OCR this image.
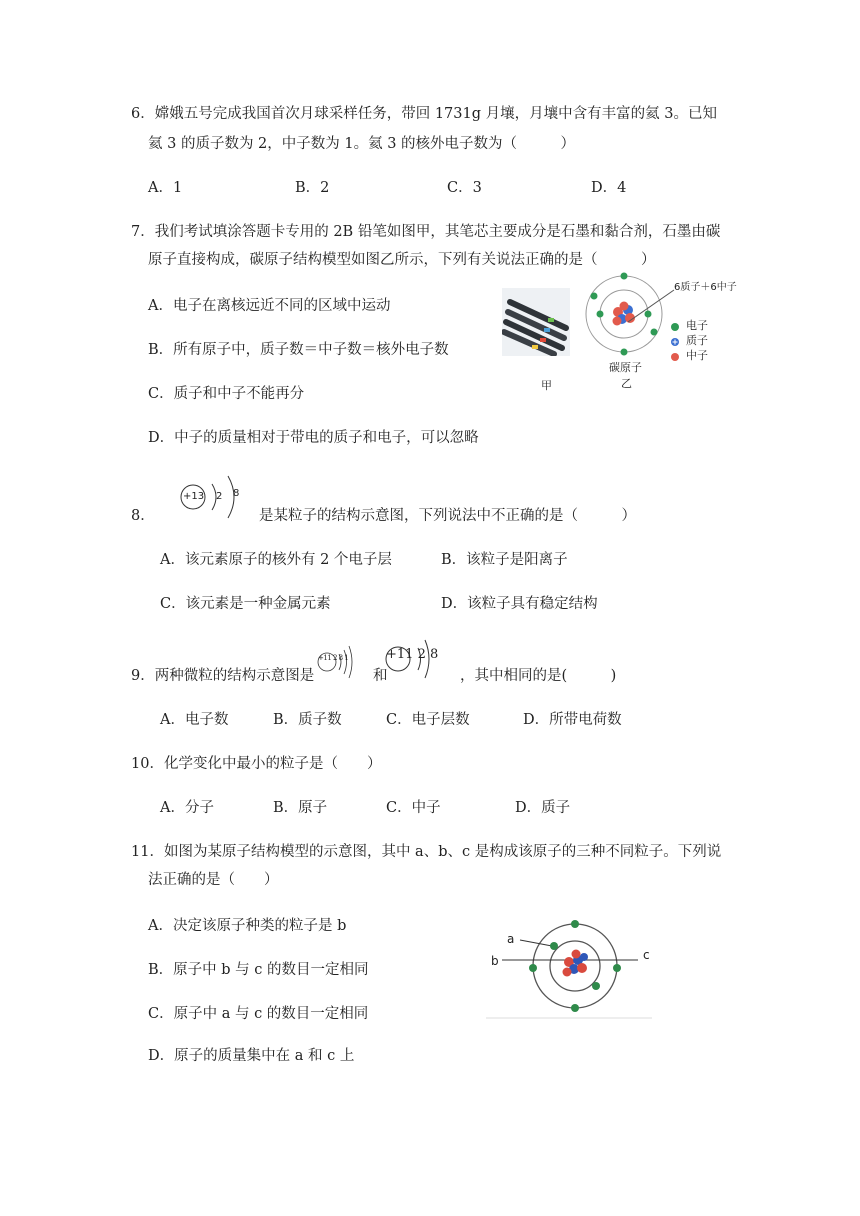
6．嫦娥五号完成我国首次月球采样任务，带回 1731g 月壤，月壤中含有丰富的氦 3。已知
氦 3 的质子数为 2，中子数为 1。氦 3 的核外电子数为（　　　）
A．1	B．2	C．3	D．4
7．我们考试填涂答题卡专用的 2B 铅笔如图甲，其笔芯主要成分是石墨和黏合剂，石墨由碳
原子直接构成，碳原子结构模型如图乙所示，下列有关说法正确的是（　　　）
A．电子在离核远近不同的区域中运动
B．所有原子中，质子数＝中子数＝核外电子数
C．质子和中子不能再分
D．中子的质量相对于带电的质子和电子，可以忽略
甲
6质子＋6中子
电子
质子
中子
碳原子
乙
8．
+13 2 8
是某粒子的结构示意图，下列说法中不正确的是（　　　）
A．该元素原子的核外有 2 个电子层	B．该粒子是阳离子
C．该元素是一种金属元素	D．该粒子具有稳定结构
9．两种微粒的结构示意图是
+11 2 8 1
和
+11 2 8
，其中相同的是(　　　)
A．电子数	B．质子数	C．电子层数	D．所带电荷数
10．化学变化中最小的粒子是（　　）
A．分子	B．原子	C．中子	D．质子
11．如图为某原子结构模型的示意图，其中 a、b、c 是构成该原子的三种不同粒子。下列说
法正确的是（　　）
A．决定该原子种类的粒子是 b
B．原子中 b 与 c 的数目一定相同
C．原子中 a 与 c 的数目一定相同
D．原子的质量集中在 a 和 c 上
a
b	c
